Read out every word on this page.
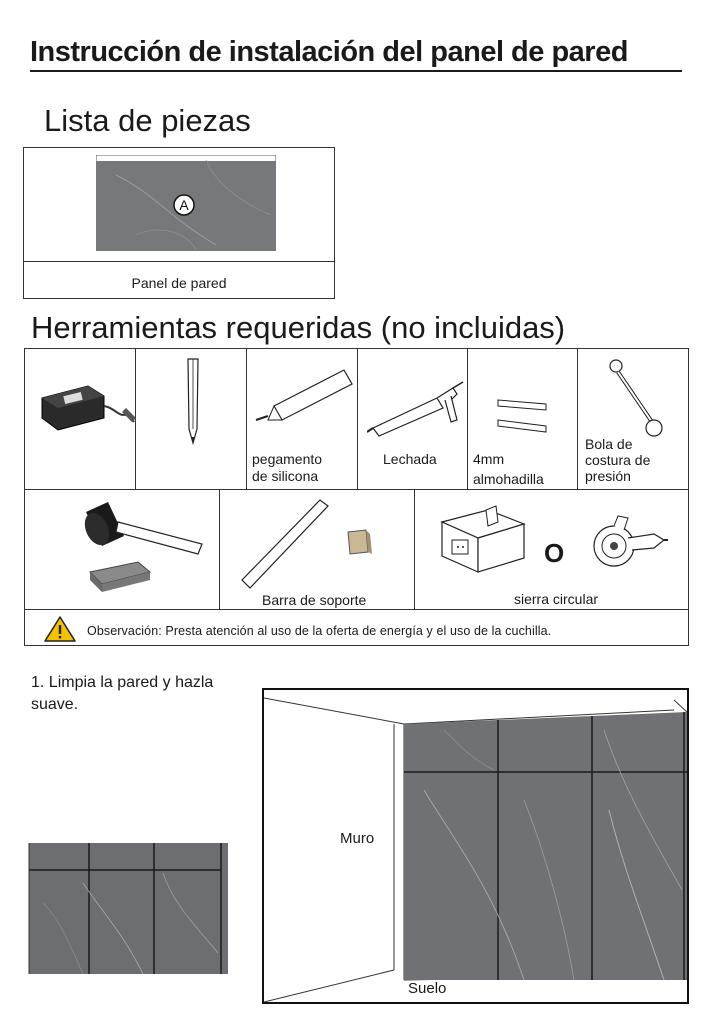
Instrucción de instalación del panel de pared
Lista de piezas
A
Panel de pared
Herramientas requeridas (no incluidas)
pegamento
de silicona
Lechada	4mm
almohadilla
Bola de
costura de
presión
Barra de soporte
O
sierra circular
Observación: Presta atención al uso de la oferta de energía y el uso de la cuchilla.
1. Limpia la pared y hazla suave.
Muro
Suelo
